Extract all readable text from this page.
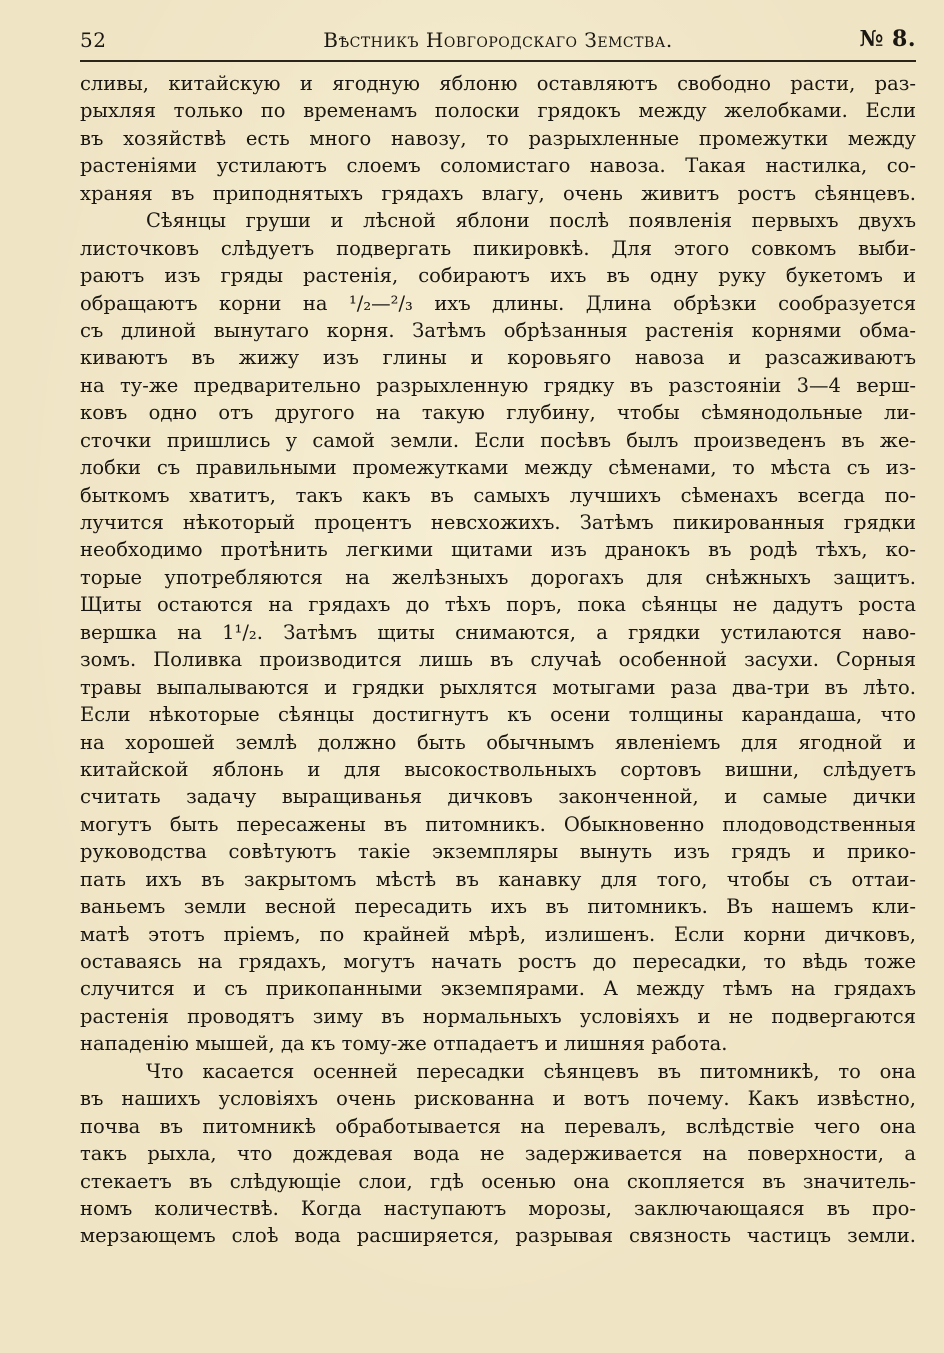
52	Вѣстникъ Новгородскаго Земства.	№ 8.
сливы, китайскую и ягодную яблоню оставляютъ свободно расти, раз-
рыхляя только по временамъ полоски грядокъ между желобками. Если
въ хозяйствѣ есть много навозу, то разрыхленные промежутки между
растеніями устилаютъ слоемъ соломистаго навоза. Такая настилка, со-
храняя въ приподнятыхъ грядахъ влагу, очень живитъ ростъ сѣянцевъ.
Сѣянцы груши и лѣсной яблони послѣ появленія первыхъ двухъ
листочковъ слѣдуетъ подвергать пикировкѣ. Для этого совкомъ выби-
раютъ изъ гряды растенія, собираютъ ихъ въ одну руку букетомъ и
обращаютъ корни на ¹/₂—²/₃ ихъ длины. Длина обрѣзки сообразуется
съ длиной вынутаго корня. Затѣмъ обрѣзанныя растенія корнями обма-
киваютъ въ жижу изъ глины и коровьяго навоза и разсаживаютъ
на ту-же предварительно разрыхленную грядку въ разстояніи 3—4 верш-
ковъ одно отъ другого на такую глубину, чтобы сѣмянодольные ли-
сточки пришлись у самой земли. Если посѣвъ былъ произведенъ въ же-
лобки съ правильными промежутками между сѣменами, то мѣста съ из-
быткомъ хватитъ, такъ какъ въ самыхъ лучшихъ сѣменахъ всегда по-
лучится нѣкоторый процентъ невсхожихъ. Затѣмъ пикированныя грядки
необходимо протѣнить легкими щитами изъ дранокъ въ родѣ тѣхъ, ко-
торые употребляются на желѣзныхъ дорогахъ для снѣжныхъ защитъ.
Щиты остаются на грядахъ до тѣхъ поръ, пока сѣянцы не дадутъ роста
вершка на 1¹/₂. Затѣмъ щиты снимаются, а грядки устилаются наво-
зомъ. Поливка производится лишь въ случаѣ особенной засухи. Сорныя
травы выпалываются и грядки рыхлятся мотыгами раза два-три въ лѣто.
Если нѣкоторые сѣянцы достигнутъ къ осени толщины карандаша, что
на хорошей землѣ должно быть обычнымъ явленіемъ для ягодной и
китайской яблонь и для высокоствольныхъ сортовъ вишни, слѣдуетъ
считать задачу выращиванья дичковъ законченной, и самые дички
могутъ быть пересажены въ питомникъ. Обыкновенно плодоводственныя
руководства совѣтуютъ такіе экземпляры вынуть изъ грядъ и прико-
пать ихъ въ закрытомъ мѣстѣ въ канавку для того, чтобы съ оттаи-
ваньемъ земли весной пересадить ихъ въ питомникъ. Въ нашемъ кли-
матѣ этотъ пріемъ, по крайней мѣрѣ, излишенъ. Если корни дичковъ,
оставаясь на грядахъ, могутъ начать ростъ до пересадки, то вѣдь тоже
случится и съ прикопанными экземпярами. А между тѣмъ на грядахъ
растенія проводятъ зиму въ нормальныхъ условіяхъ и не подвергаются
нападенію мышей, да къ тому-же отпадаетъ и лишняя работа.
Что касается осенней пересадки сѣянцевъ въ питомникѣ, то она
въ нашихъ условіяхъ очень рискованна и вотъ почему. Какъ извѣстно,
почва въ питомникѣ обработывается на перевалъ, вслѣдствіе чего она
такъ рыхла, что дождевая вода не задерживается на поверхности, а
стекаетъ въ слѣдующіе слои, гдѣ осенью она скопляется въ значитель-
номъ количествѣ. Когда наступаютъ морозы, заключающаяся въ про-
мерзающемъ слоѣ вода расширяется, разрывая связность частицъ земли.
